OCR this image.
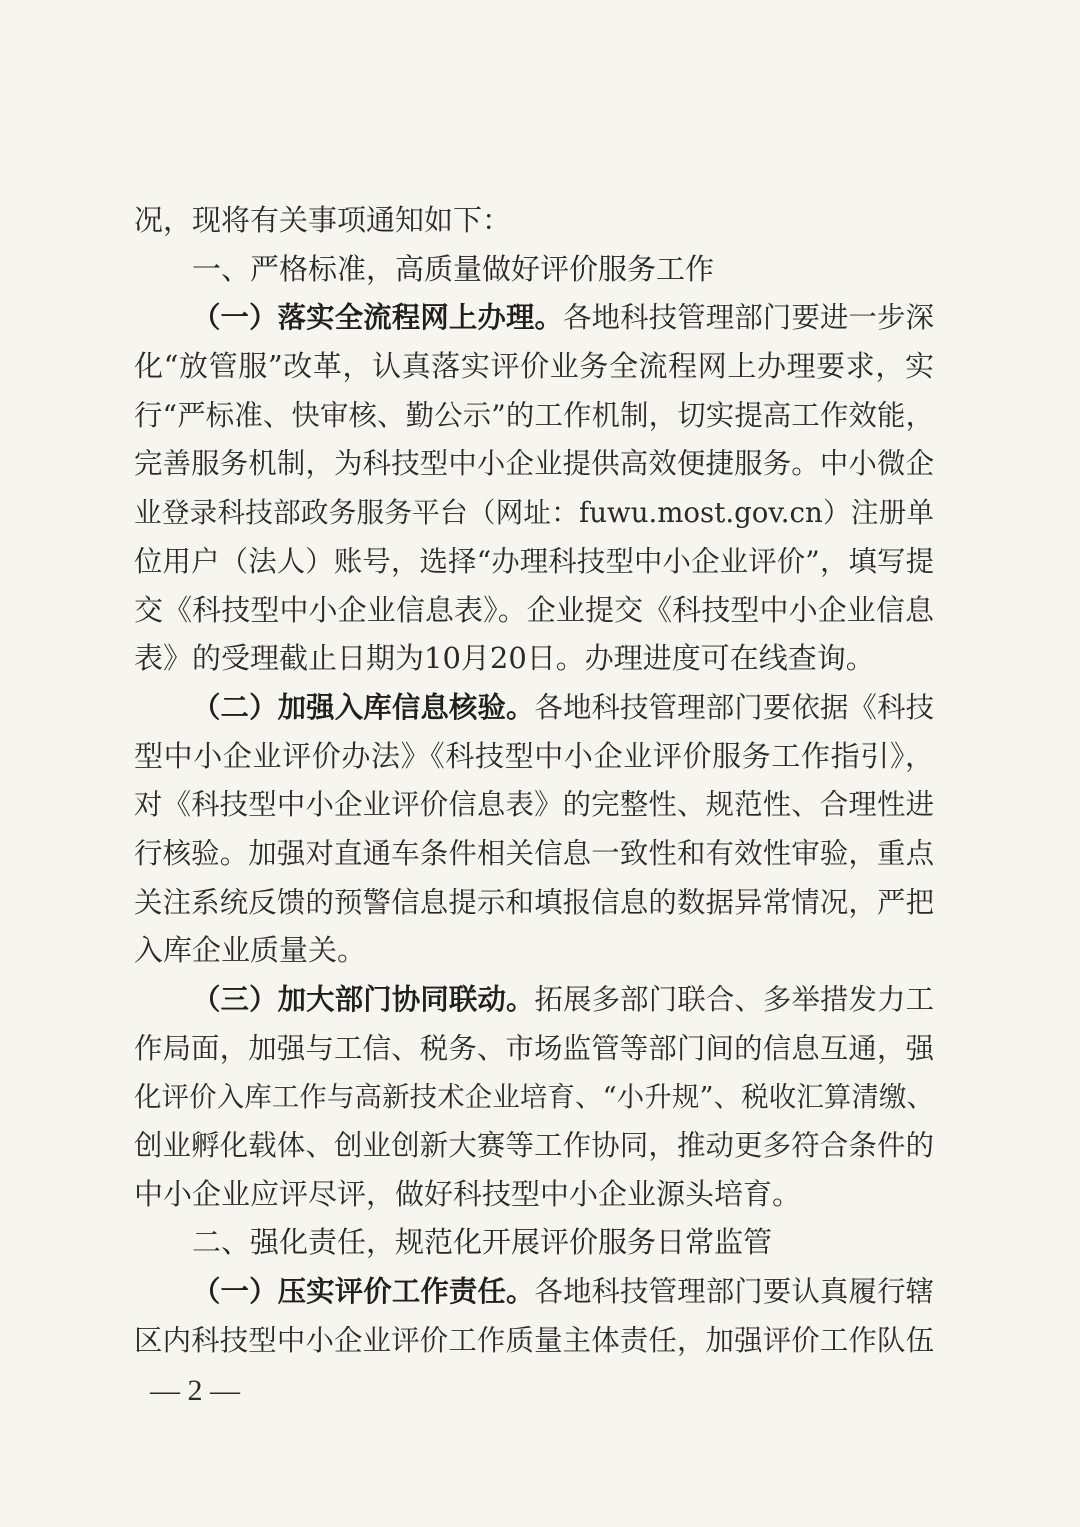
况，现将有关事项通知如下：
一、严格标准，高质量做好评价服务工作
（一）落实全流程网上办理。各地科技管理部门要进一步深
化“放管服”改革，认真落实评价业务全流程网上办理要求，实
行“严标准、快审核、勤公示”的工作机制，切实提高工作效能，
完善服务机制，为科技型中小企业提供高效便捷服务。中小微企
业登录科技部政务服务平台（网址：fuwu.most.gov.cn）注册单
位用户（法人）账号，选择“办理科技型中小企业评价”，填写提
交《科技型中小企业信息表》。企业提交《科技型中小企业信息
表》的受理截止日期为10月20日。办理进度可在线查询。
（二）加强入库信息核验。各地科技管理部门要依据《科技
型中小企业评价办法》《科技型中小企业评价服务工作指引》，
对《科技型中小企业评价信息表》的完整性、规范性、合理性进
行核验。加强对直通车条件相关信息一致性和有效性审验，重点
关注系统反馈的预警信息提示和填报信息的数据异常情况，严把
入库企业质量关。
（三）加大部门协同联动。拓展多部门联合、多举措发力工
作局面，加强与工信、税务、市场监管等部门间的信息互通，强
化评价入库工作与高新技术企业培育、“小升规”、税收汇算清缴、
创业孵化载体、创业创新大赛等工作协同，推动更多符合条件的
中小企业应评尽评，做好科技型中小企业源头培育。
二、强化责任，规范化开展评价服务日常监管
（一）压实评价工作责任。各地科技管理部门要认真履行辖
区内科技型中小企业评价工作质量主体责任，加强评价工作队伍
— 2 —
